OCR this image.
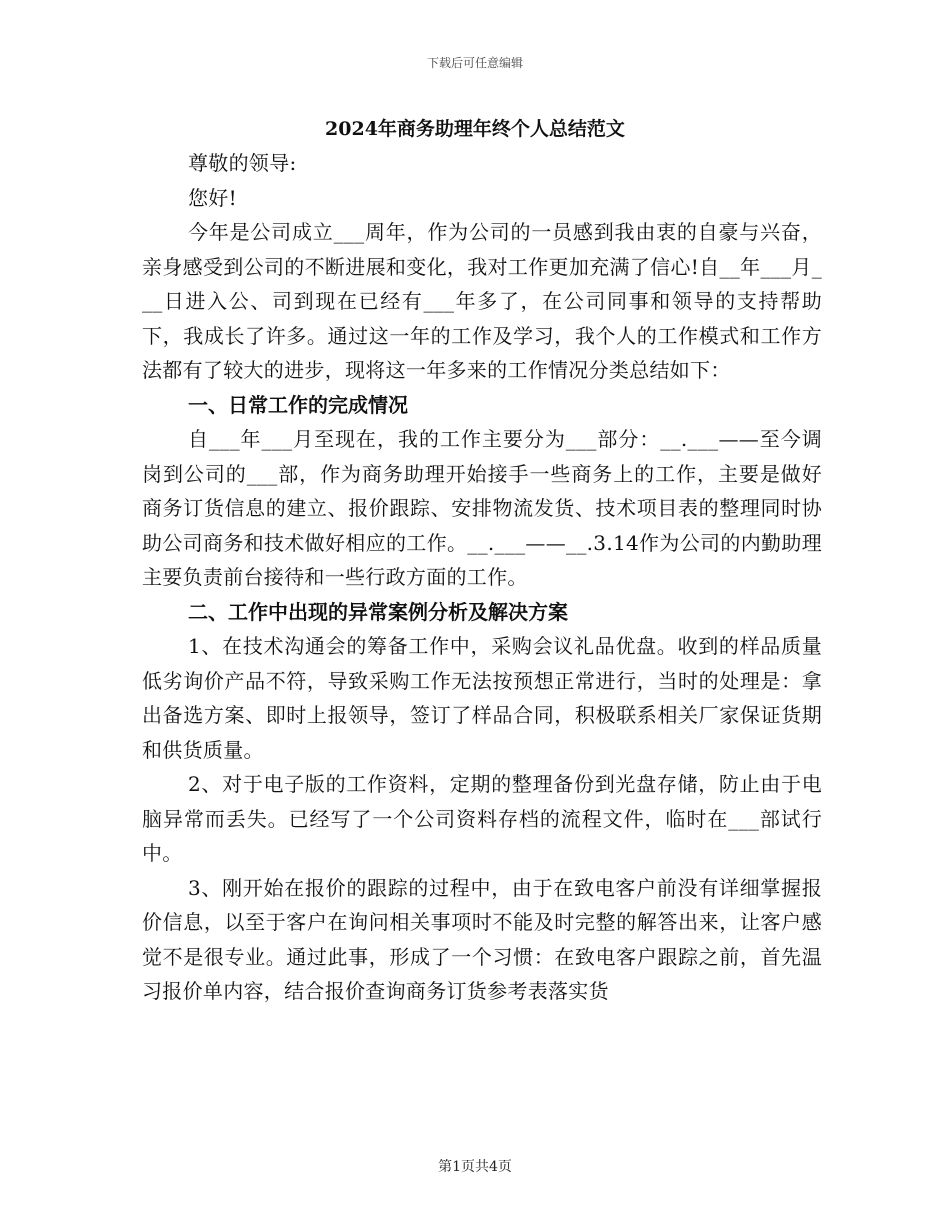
下载后可任意编辑
2024年商务助理年终个人总结范文

尊敬的领导:

您好!

今年是公司成立___周年，作为公司的一员感到我由衷的自豪与兴奋，亲身感受到公司的不断进展和变化，我对工作更加充满了信心!自__年___月___日进入公、司到现在已经有___年多了，在公司同事和领导的支持帮助下，我成长了许多。通过这一年的工作及学习，我个人的工作模式和工作方法都有了较大的进步，现将这一年多来的工作情况分类总结如下：

一、日常工作的完成情况

自___年___月至现在，我的工作主要分为___部分：__.___——至今调岗到公司的___部，作为商务助理开始接手一些商务上的工作，主要是做好商务订货信息的建立、报价跟踪、安排物流发货、技术项目表的整理同时协助公司商务和技术做好相应的工作。__.___——__.3.14作为公司的内勤助理主要负责前台接待和一些行政方面的工作。

二、工作中出现的异常案例分析及解决方案

1、在技术沟通会的筹备工作中，采购会议礼品优盘。收到的样品质量低劣询价产品不符，导致采购工作无法按预想正常进行，当时的处理是：拿出备选方案、即时上报领导，签订了样品合同，积极联系相关厂家保证货期和供货质量。

2、对于电子版的工作资料，定期的整理备份到光盘存储，防止由于电脑异常而丢失。已经写了一个公司资料存档的流程文件，临时在___部试行中。

3、刚开始在报价的跟踪的过程中，由于在致电客户前没有详细掌握报价信息，以至于客户在询问相关事项时不能及时完整的解答出来，让客户感觉不是很专业。通过此事，形成了一个习惯：在致电客户跟踪之前，首先温习报价单内容，结合报价查询商务订货参考表落实货

第1页共4页
